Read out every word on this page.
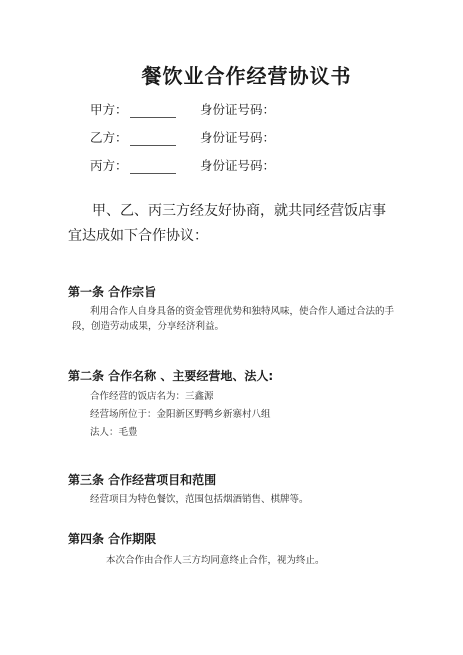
餐饮业合作经营协议书
甲方：	身份证号码：
乙方：	身份证号码：
丙方：	身份证号码：
甲、乙、丙三方经友好协商，就共同经营饭店事宜达成如下合作协议：
第一条 合作宗旨
利用合作人自身具备的资金管理优势和独特风味，使合作人通过合法的手段，创造劳动成果，分享经济利益。
第二条 合作名称 、主要经营地、法人:
合作经营的饭店名为：三鑫源
经营场所位于：金阳新区野鸭乡新寨村八组
法人：毛豊
第三条 合作经营项目和范围
经营项目为特色餐饮，范围包括烟酒销售、棋牌等。
第四条 合作期限
本次合作由合作人三方均同意终止合作，视为终止。
